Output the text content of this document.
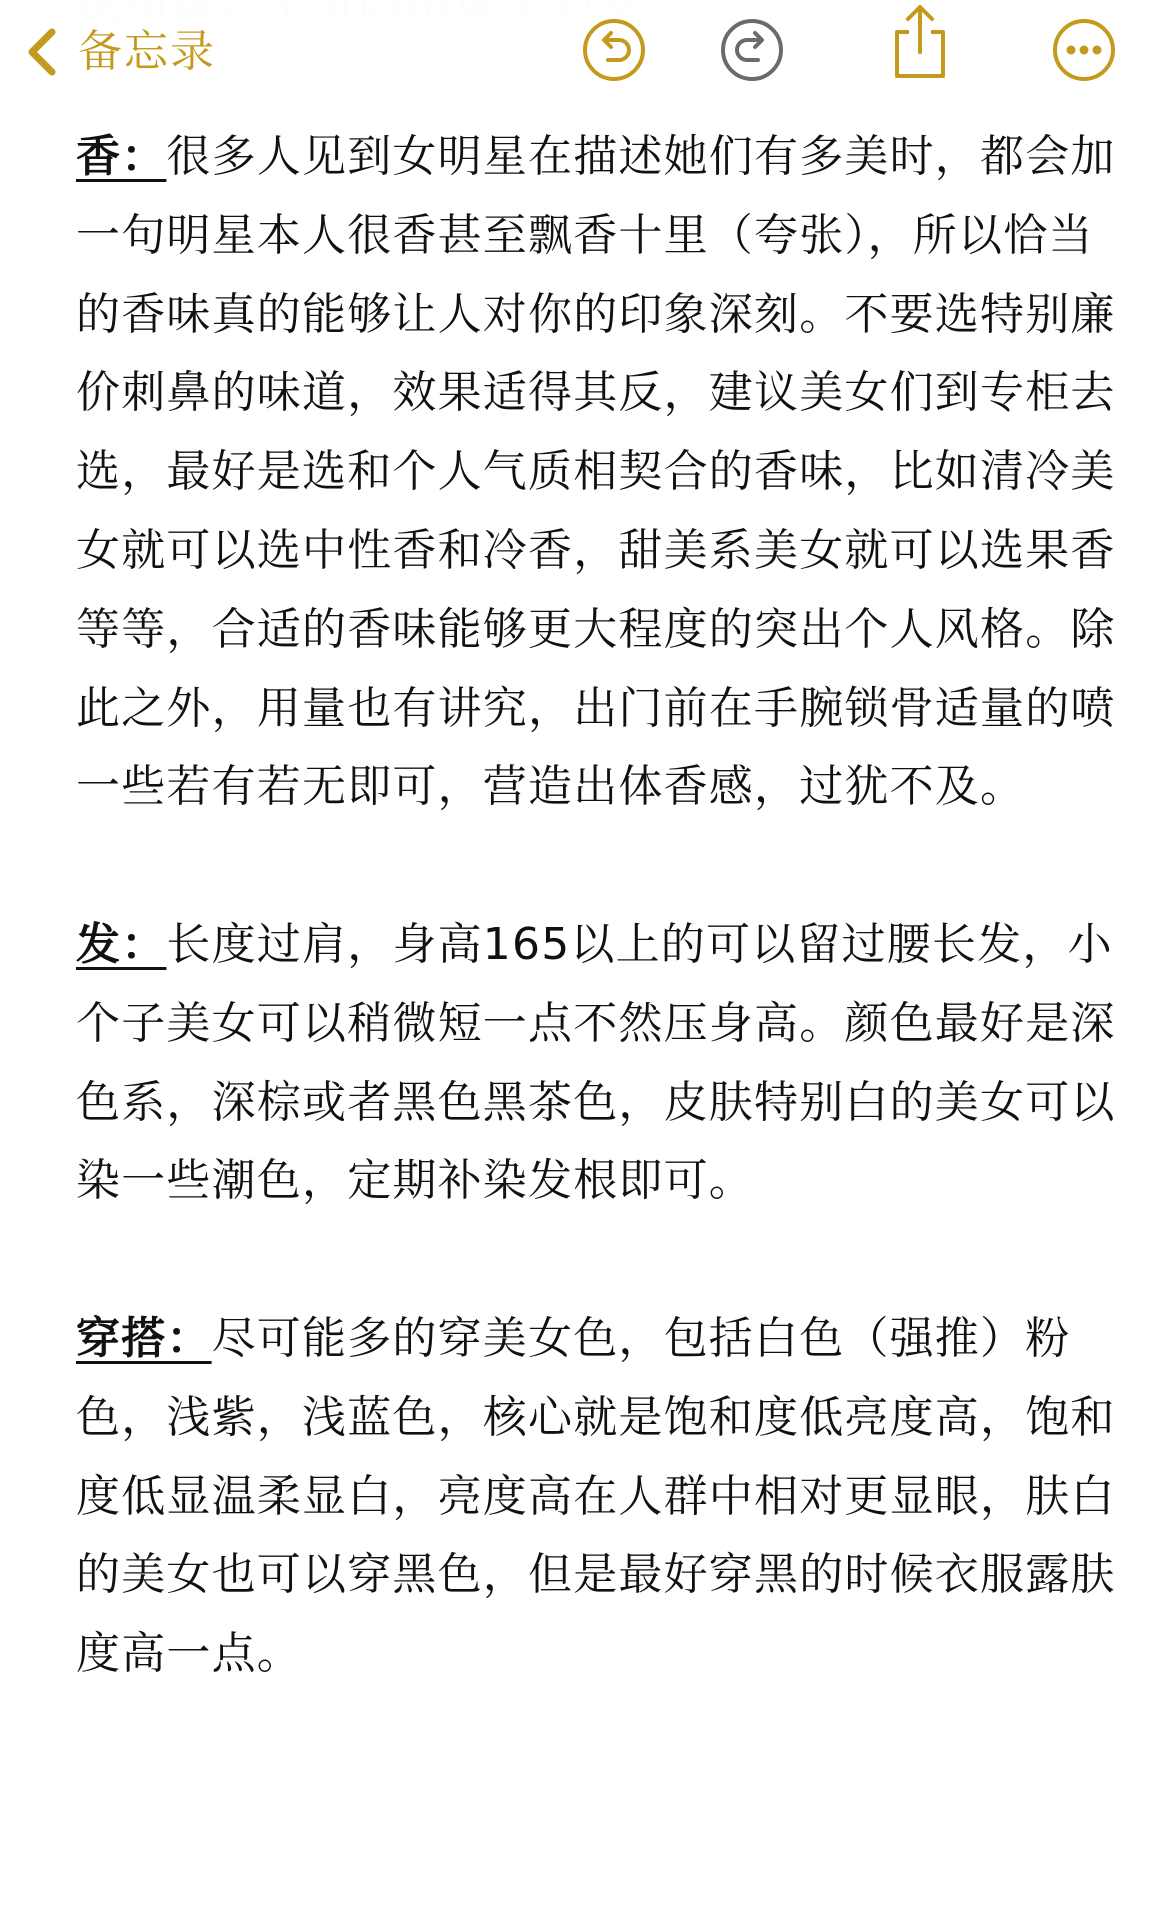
备忘录

香：很多人见到女明星在描述她们有多美时，都会加一句明星本人很香甚至飘香十里（夸张），所以恰当的香味真的能够让人对你的印象深刻。不要选特别廉价刺鼻的味道，效果适得其反，建议美女们到专柜去选，最好是选和个人气质相契合的香味，比如清冷美女就可以选中性香和冷香，甜美系美女就可以选果香等等，合适的香味能够更大程度的突出个人风格。除此之外，用量也有讲究，出门前在手腕锁骨适量的喷一些若有若无即可，营造出体香感，过犹不及。

发：长度过肩，身高165以上的可以留过腰长发，小个子美女可以稍微短一点不然压身高。颜色最好是深色系，深棕或者黑色黑茶色，皮肤特别白的美女可以染一些潮色，定期补染发根即可。

穿搭：尽可能多的穿美女色，包括白色（强推）粉色，浅紫，浅蓝色，核心就是饱和度低亮度高，饱和度低显温柔显白，亮度高在人群中相对更显眼，肤白的美女也可以穿黑色，但是最好穿黑的时候衣服露肤度高一点。
